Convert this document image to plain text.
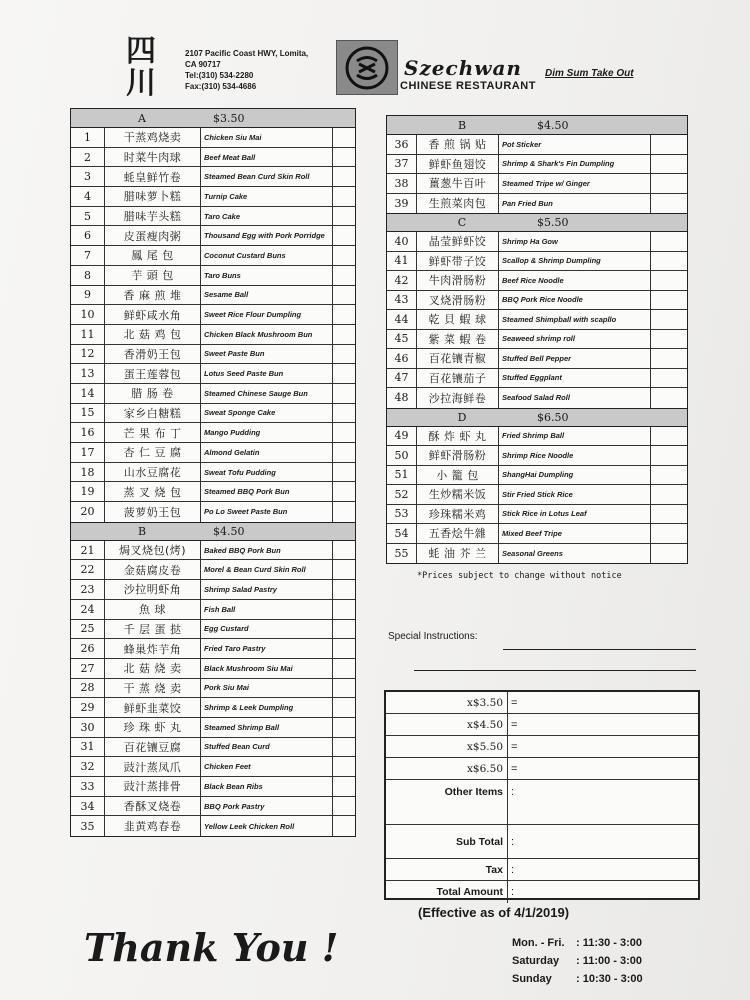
四川
2107 Pacific Coast HWY, Lomita,
CA 90717
Tel:(310) 534-2280
Fax:(310) 534-4686
Szechwan
CHINESE RESTAURANT
Dim Sum Take Out
A	$3.50
1	干蒸鸡烧卖	Chicken Siu Mai
2	时菜牛肉球	Beef Meat Ball
3	蚝皇鲜竹卷	Steamed Bean Curd Skin Roll
4	腊味萝卜糕	Turnip Cake
5	腊味芋头糕	Taro Cake
6	皮蛋瘦肉粥	Thousand Egg with Pork Porridge
7	鳳 尾 包	Coconut Custard Buns
8	芋 頭 包	Taro Buns
9	香 麻 煎 堆	Sesame Ball
10	鲜虾咸水角	Sweet Rice Flour Dumpling
11	北 菇 鸡 包	Chicken Black Mushroom Bun
12	香滑奶王包	Sweet Paste Bun
13	蛋王莲蓉包	Lotus Seed Paste Bun
14	腊 肠 卷	Steamed Chinese Sauge Bun
15	家乡白糖糕	Sweat Sponge Cake
16	芒 果 布 丁	Mango Pudding
17	杏 仁 豆 腐	Almond Gelatin
18	山水豆腐花	Sweat Tofu Pudding
19	蒸 叉 烧 包	Steamed BBQ Pork Bun
20	菠萝奶王包	Po Lo Sweet Paste Bun
B	$4.50
21	焗叉烧包(烤)	Baked BBQ Pork Bun
22	金菇腐皮卷	Morel & Bean Curd Skin Roll
23	沙拉明虾角	Shrimp Salad Pastry
24	魚 球	Fish Ball
25	千 层 蛋 挞	Egg Custard
26	蜂巢炸芋角	Fried Taro Pastry
27	北 菇 烧 卖	Black Mushroom Siu Mai
28	干 蒸 烧 卖	Pork Siu Mai
29	鲜虾韭菜饺	Shrimp & Leek Dumpling
30	珍 珠 虾 丸	Steamed Shrimp Ball
31	百花镶豆腐	Stuffed Bean Curd
32	豉汁蒸凤爪	Chicken Feet
33	豉汁蒸排骨	Black Bean Ribs
34	香酥叉烧卷	BBQ Pork Pastry
35	韭黄鸡春卷	Yellow Leek Chicken Roll
B	$4.50
36	香 煎 锅 贴	Pot Sticker
37	鲜虾鱼翅饺	Shrimp & Shark's Fin Dumpling
38	薑葱牛百叶	Steamed Tripe w/ Ginger
39	生煎菜肉包	Pan Fried Bun
C	$5.50
40	晶莹鲜虾饺	Shrimp Ha Gow
41	鲜虾带子饺	Scallop & Shrimp Dumpling
42	牛肉滑肠粉	Beef Rice Noodle
43	叉烧滑肠粉	BBQ Pork Rice Noodle
44	乾 貝 蝦 球	Steamed Shimpball with scapllo
45	紫 菜 蝦 卷	Seaweed shrimp roll
46	百花镶青椒	Stuffed Bell Pepper
47	百花镶茄子	Stuffed Eggplant
48	沙拉海鲜卷	Seafood Salad Roll
D	$6.50
49	酥 炸 虾 丸	Fried Shrimp Ball
50	鲜虾滑肠粉	Shrimp Rice Noodle
51	小 籠 包	ShangHai Dumpling
52	生炒糯米饭	Stir Fried Stick Rice
53	珍珠糯米鸡	Stick Rice in Lotus Leaf
54	五香烩牛雜	Mixed Beef Tripe
55	蚝 油 芥 兰	Seasonal Greens
*Prices subject to change without notice
Special Instructions:
x$3.50 =
x$4.50 =
x$5.50 =
x$6.50 =
Other Items :
Sub Total :
Tax :
Total Amount :
Thank You !
(Effective as of 4/1/2019)
Mon. - Fri.	: 11:30 - 3:00
Saturday	: 11:00 - 3:00
Sunday	: 10:30 - 3:00
